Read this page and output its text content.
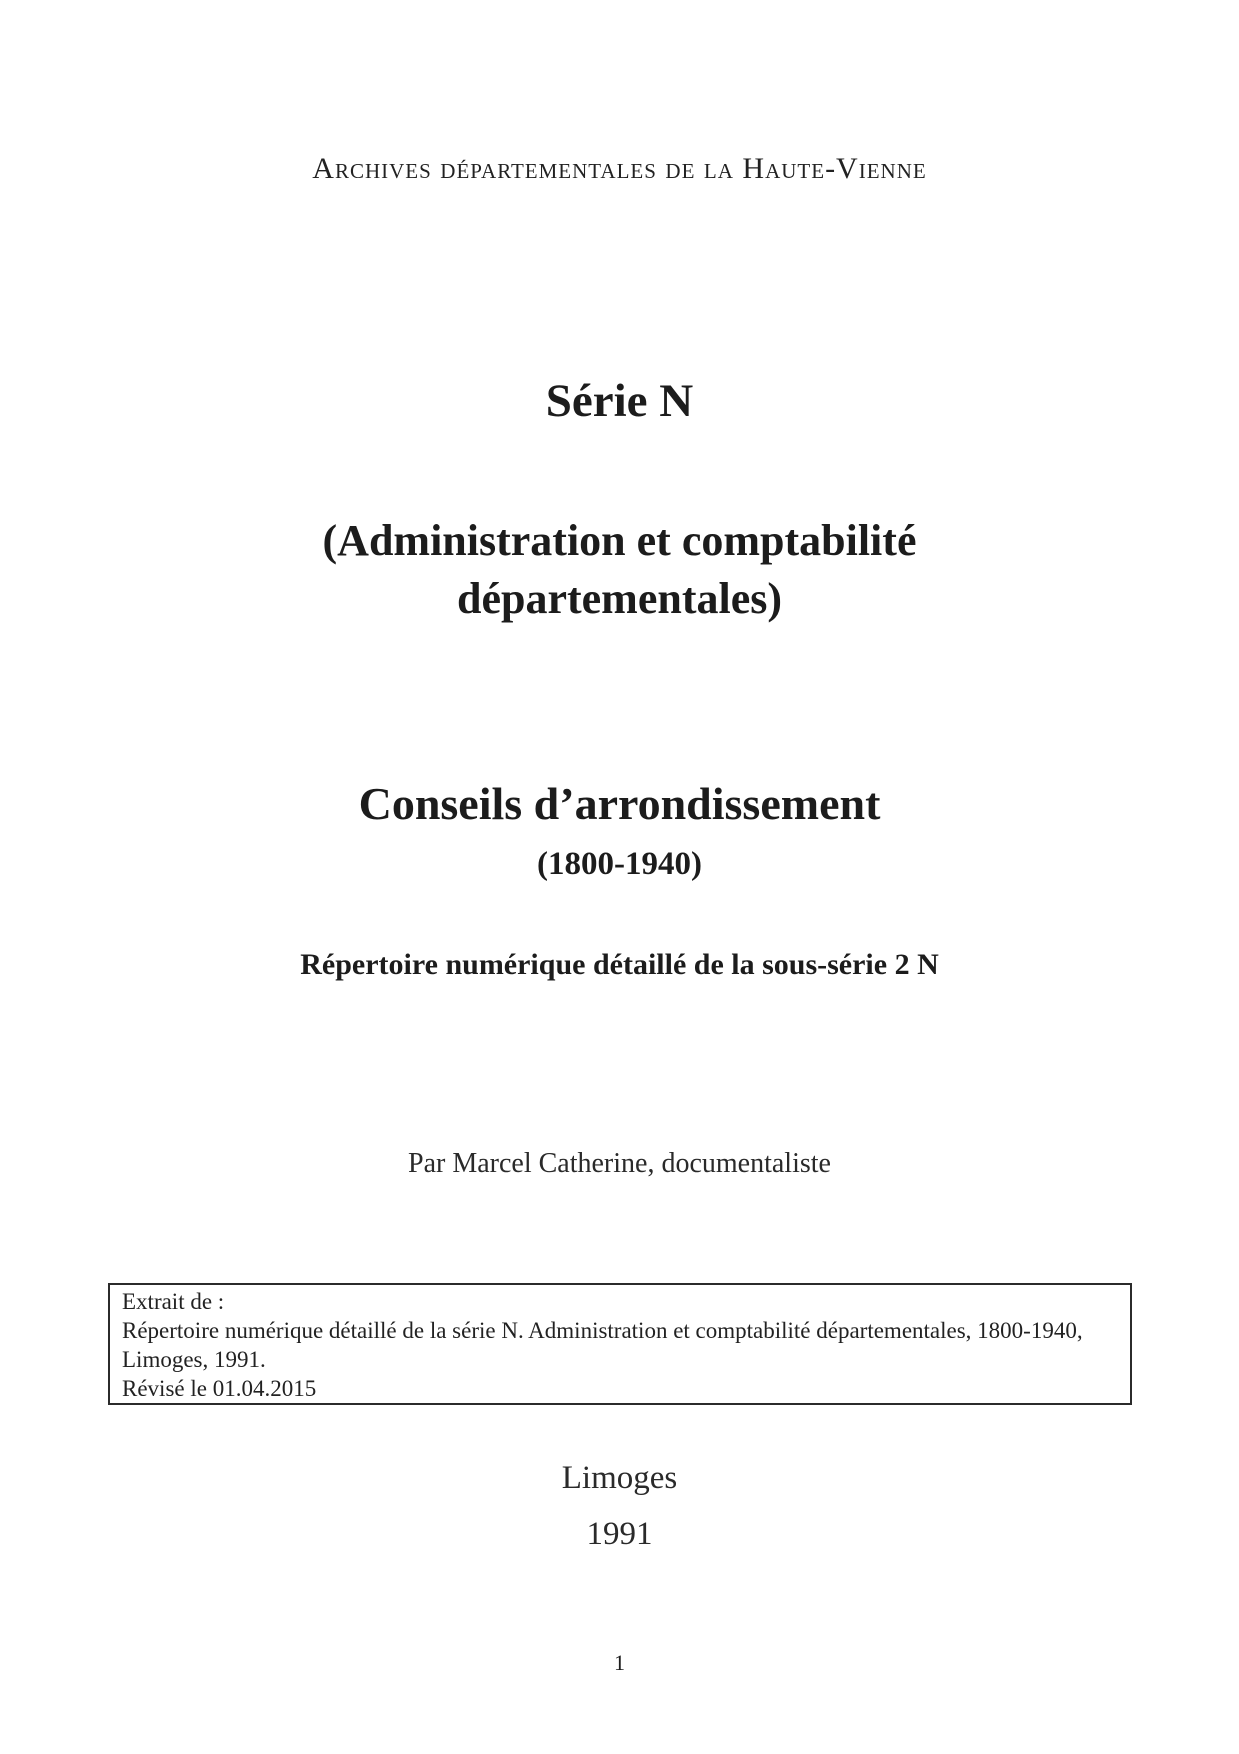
Archives départementales de la Haute-Vienne
Série N
(Administration et comptabilité départementales)
Conseils d’arrondissement
(1800-1940)
Répertoire numérique détaillé de la sous-série 2 N
Par Marcel Catherine, documentaliste
Extrait de :
Répertoire numérique détaillé de la série N. Administration et comptabilité départementales, 1800-1940,
Limoges, 1991.
Révisé le 01.04.2015
Limoges
1991
1
